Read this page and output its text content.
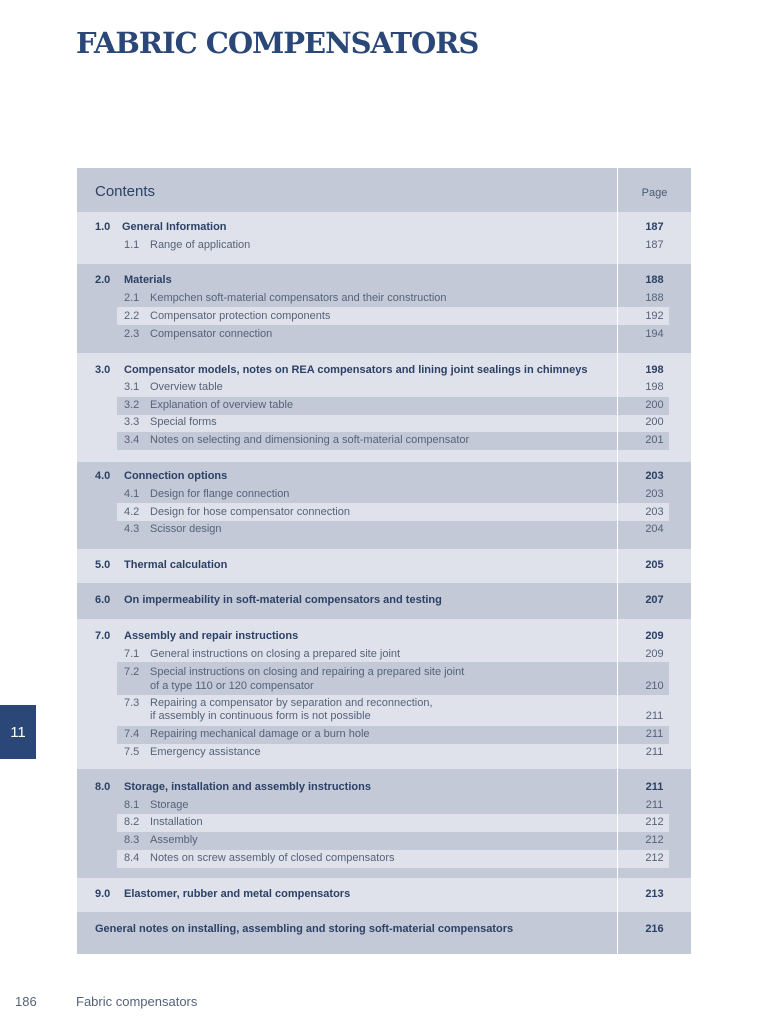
FABRIC COMPENSATORS
Contents	Page
1.0 General Information	187
1.1 Range of application	187
2.0 Materials	188
2.1 Kempchen soft-material compensators and their construction	188
2.2 Compensator protection components	192
2.3 Compensator connection	194
3.0 Compensator models, notes on REA compensators and lining joint sealings in chimneys	198
3.1 Overview table	198
3.2 Explanation of overview table	200
3.3 Special forms	200
3.4 Notes on selecting and dimensioning a soft-material compensator	201
4.0 Connection options	203
4.1 Design for flange connection	203
4.2 Design for hose compensator connection	203
4.3 Scissor design	204
5.0 Thermal calculation	205
6.0 On impermeability in soft-material compensators and testing	207
7.0 Assembly and repair instructions	209
7.1 General instructions on closing a prepared site joint	209
7.2 Special instructions on closing and repairing a prepared site joint
of a type 110 or 120 compensator	210
7.3 Repairing a compensator by separation and reconnection,
if assembly in continuous form is not possible	211
7.4 Repairing mechanical damage or a burn hole	211
7.5 Emergency assistance	211
8.0 Storage, installation and assembly instructions	211
8.1 Storage	211
8.2 Installation	212
8.3 Assembly	212
8.4 Notes on screw assembly of closed compensators	212
9.0 Elastomer, rubber and metal compensators	213
General notes on installing, assembling and storing soft-material compensators	216
11
186	Fabric compensators
